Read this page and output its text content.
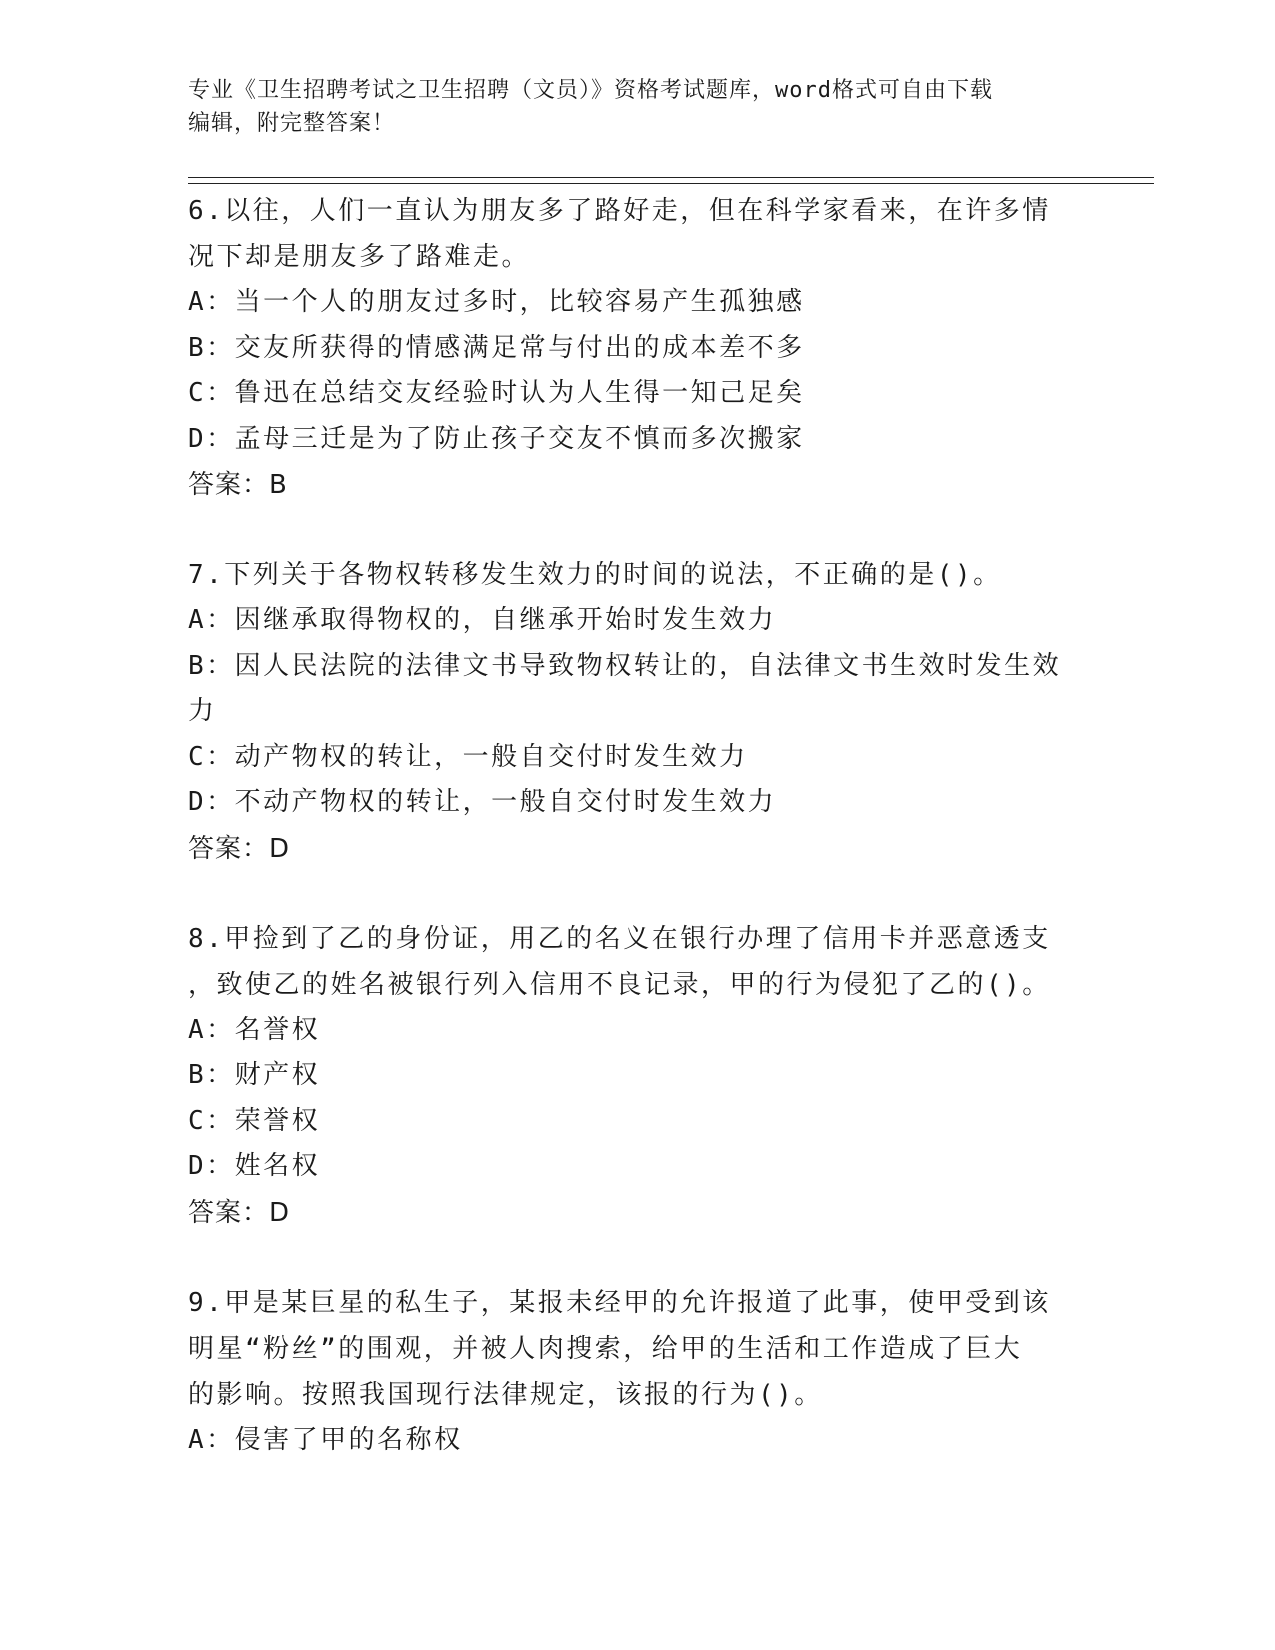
专业《卫生招聘考试之卫生招聘（文员）》资格考试题库，word格式可自由下载
编辑，附完整答案！

6.以往，人们一直认为朋友多了路好走，但在科学家看来，在许多情

况下却是朋友多了路难走。

A：当一个人的朋友过多时，比较容易产生孤独感

B：交友所获得的情感满足常与付出的成本差不多

C：鲁迅在总结交友经验时认为人生得一知己足矣

D：孟母三迁是为了防止孩子交友不慎而多次搬家

答案：B

7.下列关于各物权转移发生效力的时间的说法，不正确的是()。

A：因继承取得物权的，自继承开始时发生效力

B：因人民法院的法律文书导致物权转让的，自法律文书生效时发生效

力

C：动产物权的转让，一般自交付时发生效力

D：不动产物权的转让，一般自交付时发生效力

答案：D

8.甲捡到了乙的身份证，用乙的名义在银行办理了信用卡并恶意透支

，致使乙的姓名被银行列入信用不良记录，甲的行为侵犯了乙的()。

A：名誉权

B：财产权

C：荣誉权

D：姓名权

答案：D

9.甲是某巨星的私生子，某报未经甲的允许报道了此事，使甲受到该

明星“粉丝”的围观，并被人肉搜索，给甲的生活和工作造成了巨大

的影响。按照我国现行法律规定，该报的行为()。

A：侵害了甲的名称权
